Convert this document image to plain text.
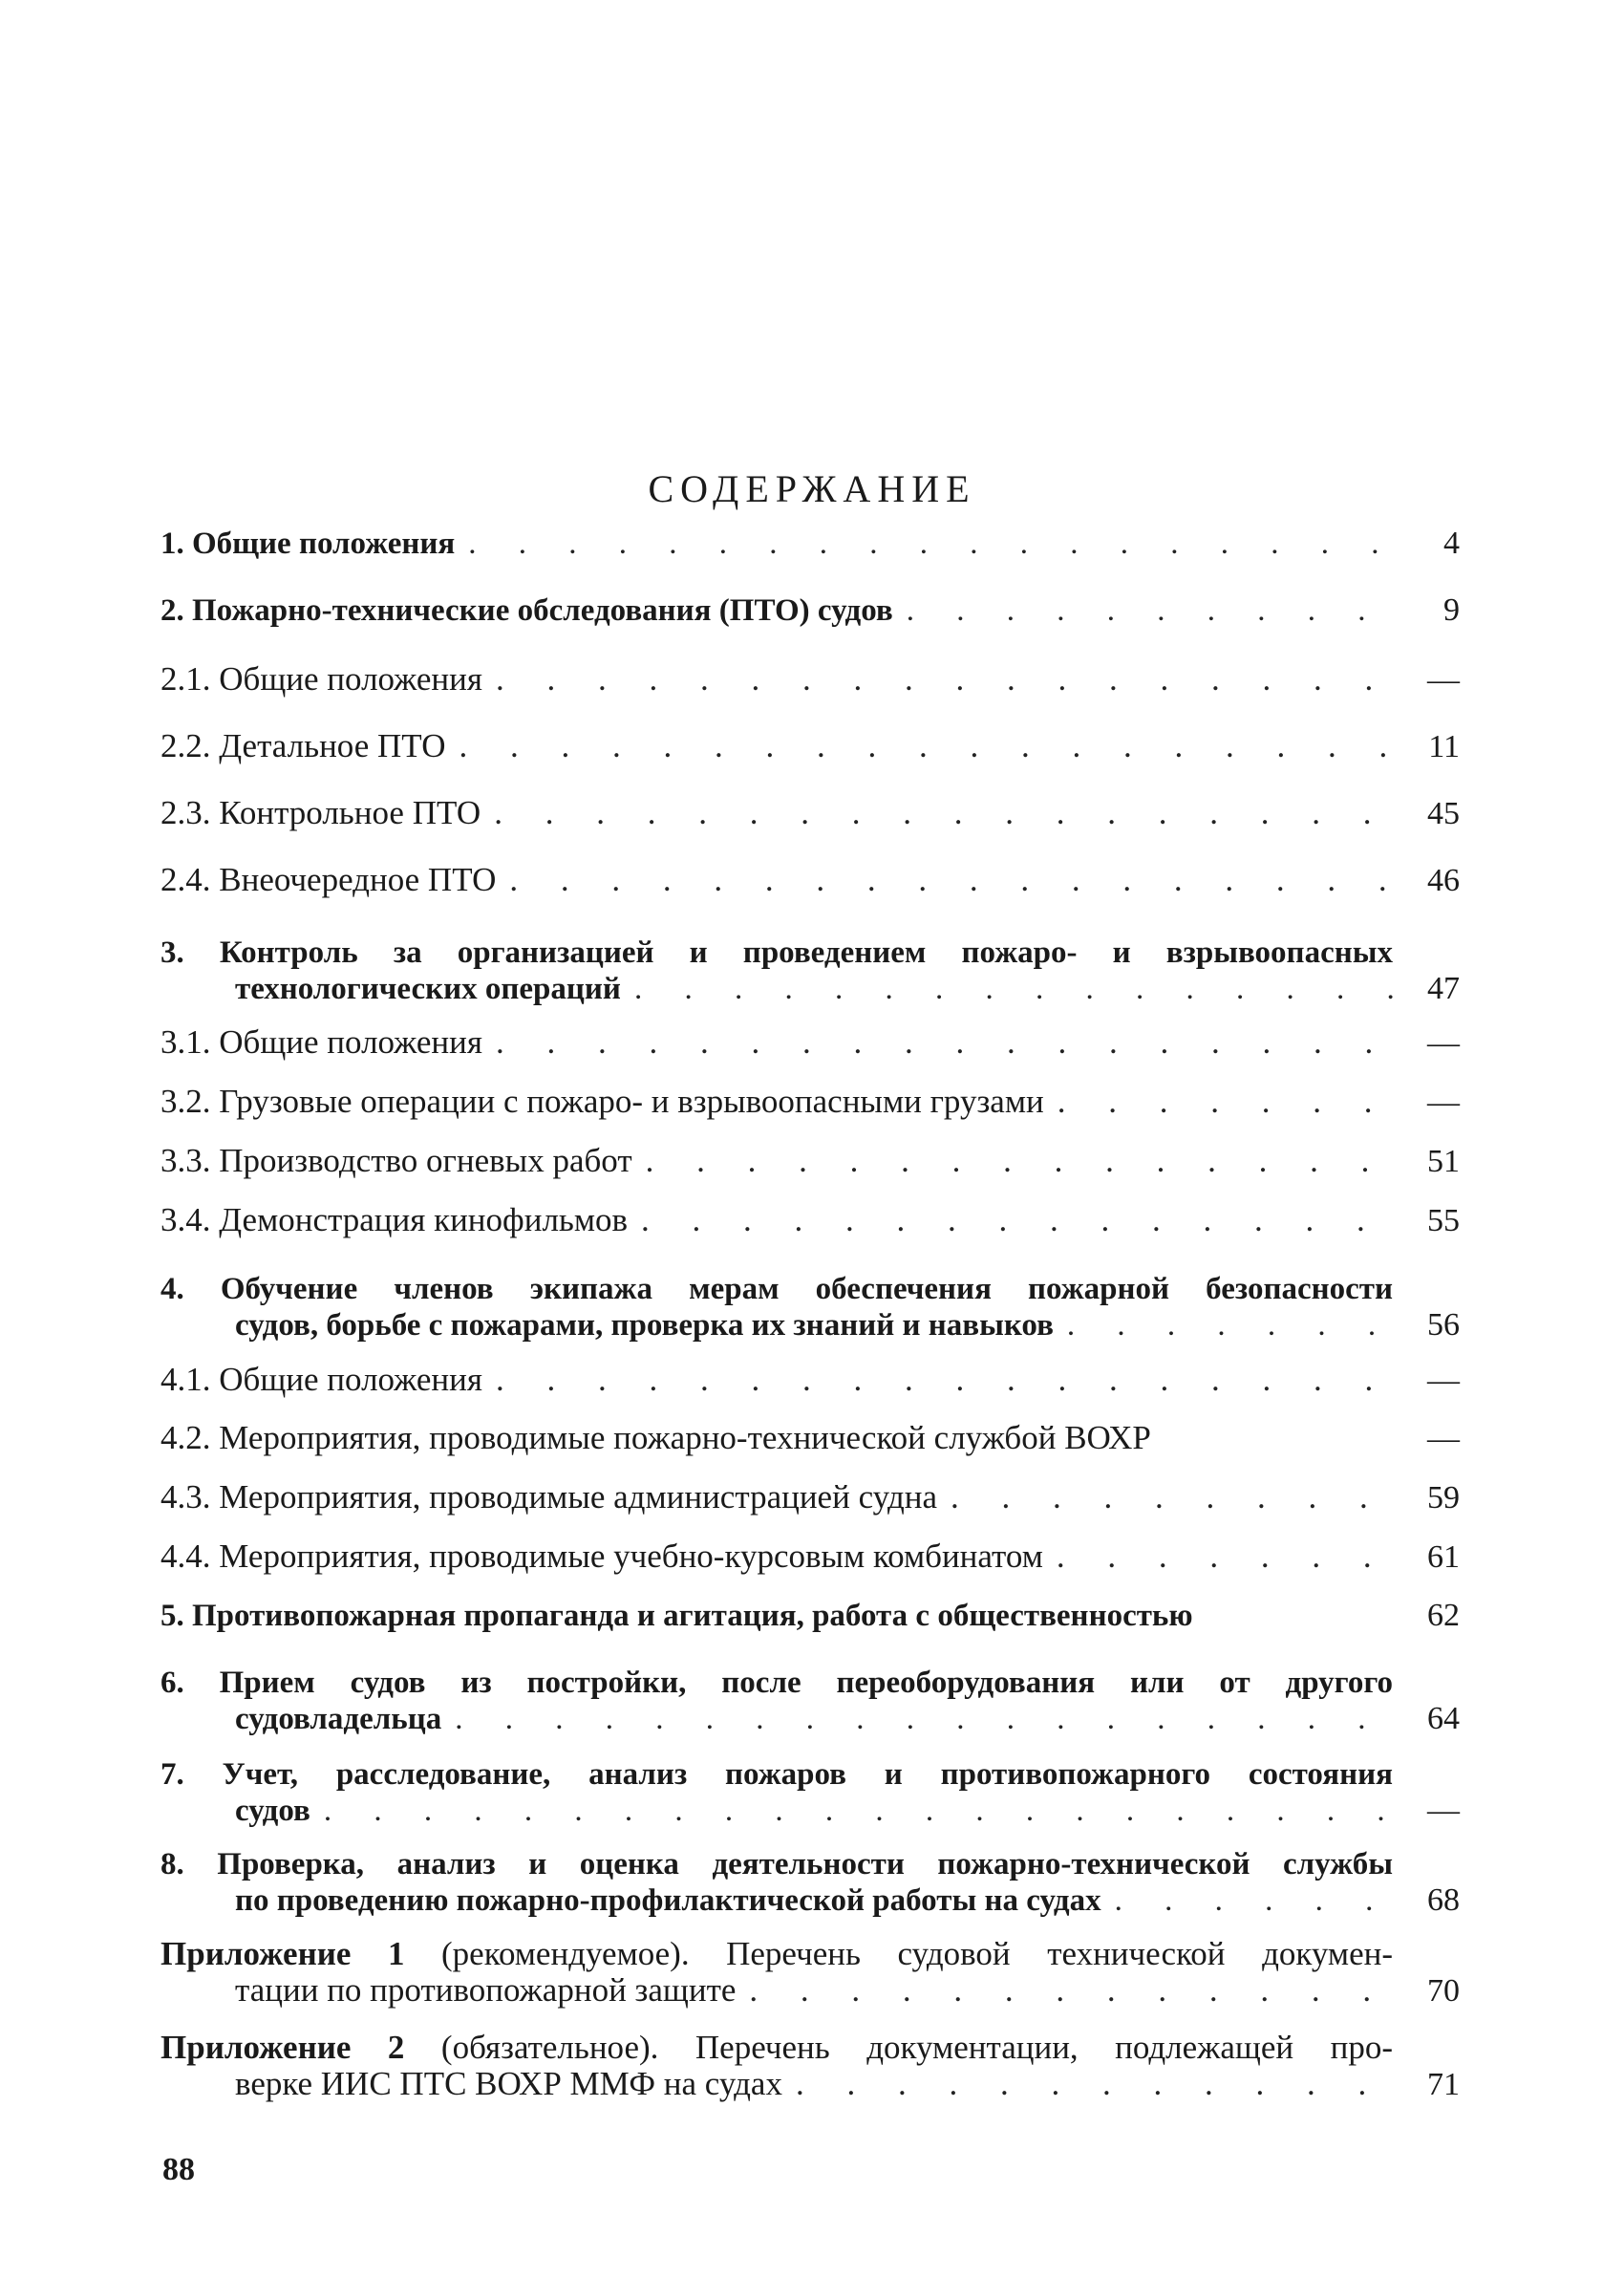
СОДЕРЖАНИЕ
1. Общие положения . . .	4
2. Пожарно-технические обследования (ПТО) судов . . .	9
2.1. Общие положения . . .	—
2.2. Детальное ПТО . . .	11
2.3. Контрольное ПТО . . .	45
2.4. Внеочередное ПТО . . .	46
3. Контроль за организацией и проведением пожаро- и взрывоопасных
технологических операций . . .	47
3.1. Общие положения . . .	—
3.2. Грузовые операции с пожаро- и взрывоопасными грузами . . .	—
3.3. Производство огневых работ . . .	51
3.4. Демонстрация кинофильмов . . .	55
4. Обучение членов экипажа мерам обеспечения пожарной безопасности
судов, борьбе с пожарами, проверка их знаний и навыков . . .	56
4.1. Общие положения . . .	—
4.2. Мероприятия, проводимые пожарно-технической службой ВОХР	—
4.3. Мероприятия, проводимые администрацией судна . . .	59
4.4. Мероприятия, проводимые учебно-курсовым комбинатом . . .	61
5. Противопожарная пропаганда и агитация, работа с общественностью	62
6. Прием судов из постройки, после переоборудования или от другого
судовладельца . . .	64
7. Учет, расследование, анализ пожаров и противопожарного состояния
судов . . .	—
8. Проверка, анализ и оценка деятельности пожарно-технической службы
по проведению пожарно-профилактической работы на судах . . .	68
Приложение 1 (рекомендуемое). Перечень судовой технической докумен-
тации по противопожарной защите . . .	70
Приложение 2 (обязательное). Перечень документации, подлежащей про-
верке ИИС ПТС ВОХР ММФ на судах . . .	71
88
